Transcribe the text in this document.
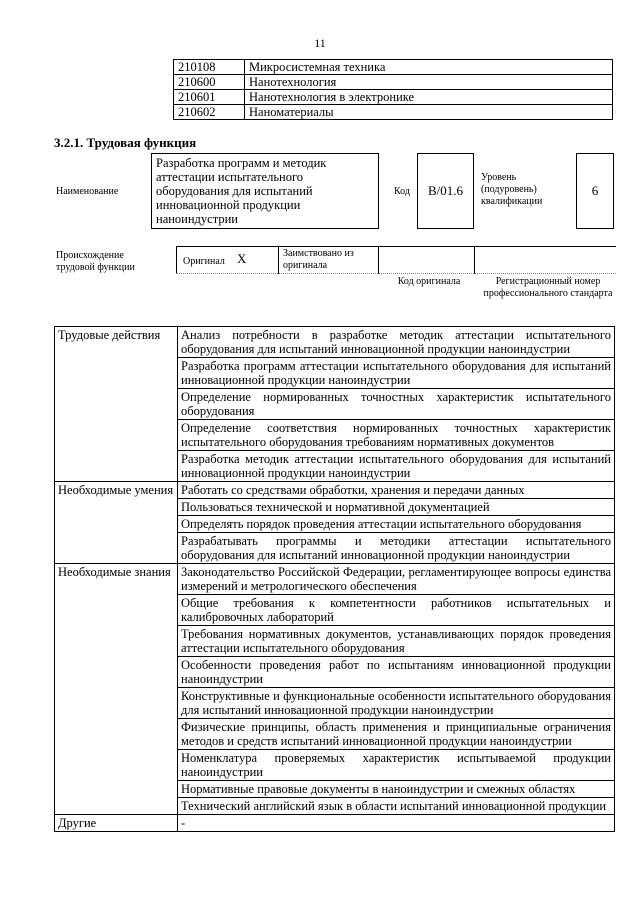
11
210108	Микросистемная техника
210600	Нанотехнология
210601	Нанотехнология в электронике
210602	Наноматериалы
3.2.1. Трудовая функция
Наименование
Разработка программ и методик аттестации испытательного оборудования для испытаний инновационной продукции наноиндустрии
Код	B/01.6
Уровень (подуровень) квалификации
6
Происхождение трудовой функции
Оригинал X	Заимствовано из оригинала
Код оригинала	Регистрационный номер профессионального стандарта
Трудовые действия	Анализ потребности в разработке методик аттестации испытательного оборудования для испытаний инновационной продукции наноиндустрии
	Разработка программ аттестации испытательного оборудования для испытаний инновационной продукции наноиндустрии
	Определение нормированных точностных характеристик испытательного оборудования
	Определение соответствия нормированных точностных характеристик испытательного оборудования требованиям нормативных документов
	Разработка методик аттестации испытательного оборудования для испытаний инновационной продукции наноиндустрии
Необходимые умения	Работать со средствами обработки, хранения и передачи данных
	Пользоваться технической и нормативной документацией
	Определять порядок проведения аттестации испытательного оборудования
	Разрабатывать программы и методики аттестации испытательного оборудования для испытаний инновационной продукции наноиндустрии
Необходимые знания	Законодательство Российской Федерации, регламентирующее вопросы единства измерений и метрологического обеспечения
	Общие требования к компетентности работников испытательных и калибровочных лабораторий
	Требования нормативных документов, устанавливающих порядок проведения аттестации испытательного оборудования
	Особенности проведения работ по испытаниям инновационной продукции наноиндустрии
	Конструктивные и функциональные особенности испытательного оборудования для испытаний инновационной продукции наноиндустрии
	Физические принципы, область применения и принципиальные ограничения методов и средств испытаний инновационной продукции наноиндустрии
	Номенклатура проверяемых характеристик испытываемой продукции наноиндустрии
	Нормативные правовые документы в наноиндустрии и смежных областях
	Технический английский язык в области испытаний инновационной продукции
Другие	-
